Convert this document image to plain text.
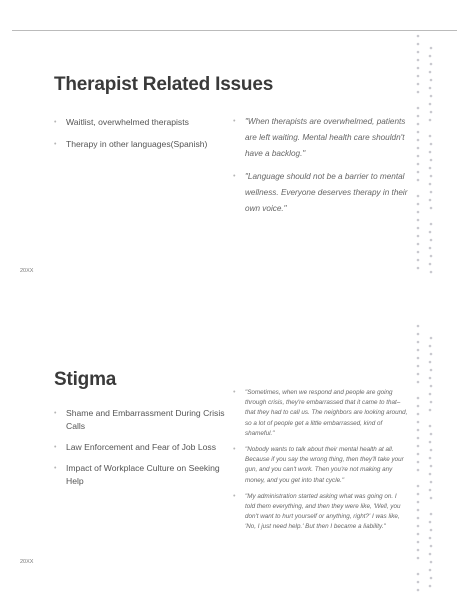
Therapist Related Issues
• Waitlist, overwhelmed therapists
• Therapy in other languages(Spanish)
• "When therapists are overwhelmed, patients are left waiting. Mental health care shouldn't have a backlog."
• "Language should not be a barrier to mental wellness. Everyone deserves therapy in their own voice."
20XX
Stigma
• Shame and Embarrassment During Crisis Calls
• Law Enforcement and Fear of Job Loss
• Impact of Workplace Culture on Seeking Help
• "Sometimes, when we respond and people are going through crisis, they're embarrassed that it came to that–that they had to call us. The neighbors are looking around, so a lot of people get a little embarrassed, kind of shameful."
• "Nobody wants to talk about their mental health at all. Because if you say the wrong thing, then they'll take your gun, and you can't work. Then you're not making any money, and you get into that cycle."
• "My administration started asking what was going on. I told them everything, and then they were like, 'Well, you don't want to hurt yourself or anything, right?' I was like, 'No, I just need help.' But then I became a liability."
20XX
